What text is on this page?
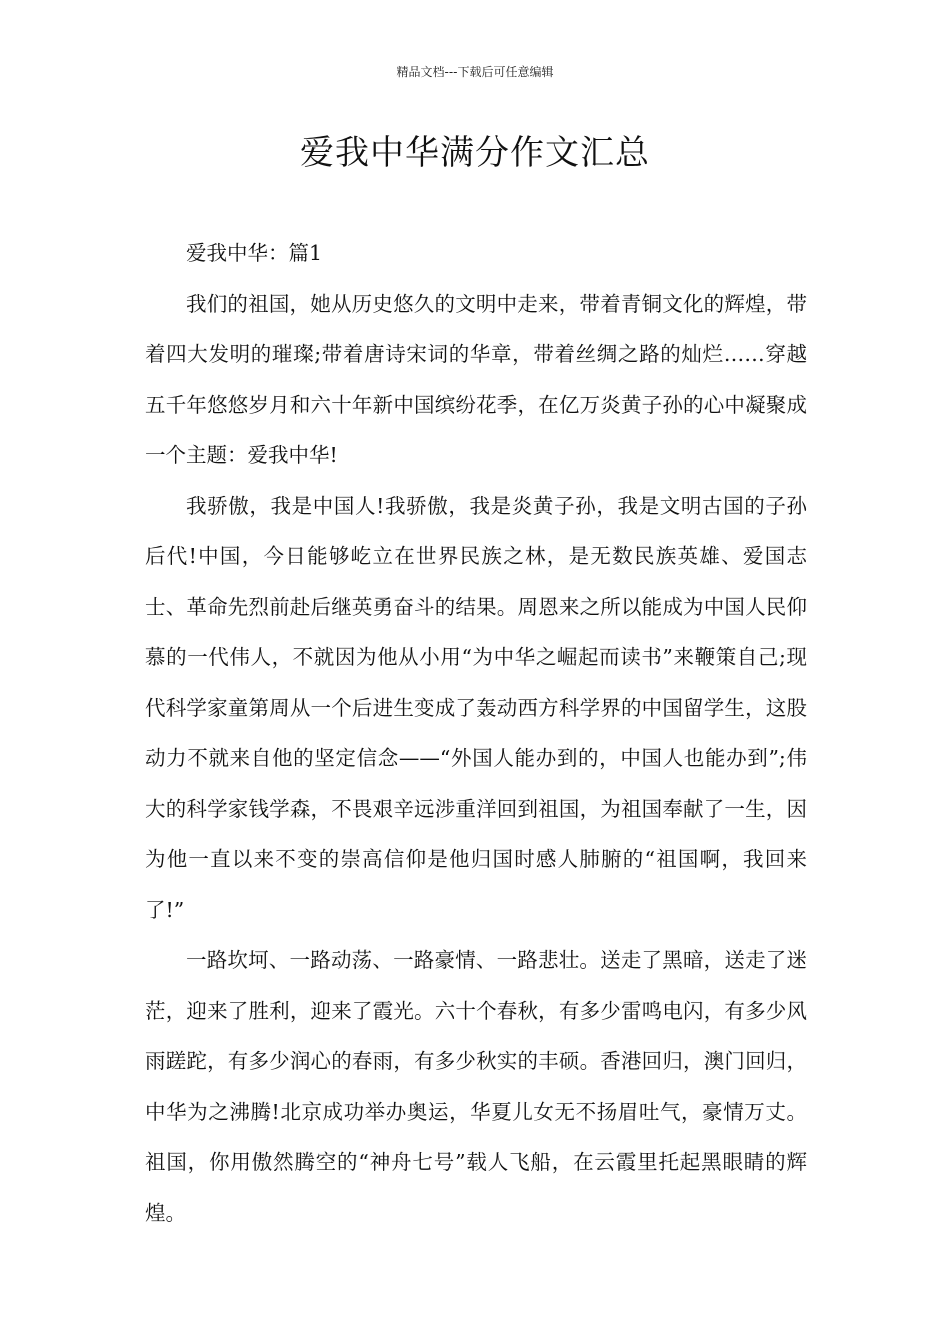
精品文档---下载后可任意编辑
爱我中华满分作文汇总

爱我中华：篇1

我们的祖国，她从历史悠久的文明中走来，带着青铜文化的辉煌，带着四大发明的璀璨;带着唐诗宋词的华章，带着丝绸之路的灿烂……穿越五千年悠悠岁月和六十年新中国缤纷花季，在亿万炎黄子孙的心中凝聚成一个主题：爱我中华!

我骄傲，我是中国人!我骄傲，我是炎黄子孙，我是文明古国的子孙后代!中国，今日能够屹立在世界民族之林，是无数民族英雄、爱国志士、革命先烈前赴后继英勇奋斗的结果。周恩来之所以能成为中国人民仰慕的一代伟人，不就因为他从小用“为中华之崛起而读书”来鞭策自己;现代科学家童第周从一个后进生变成了轰动西方科学界的中国留学生，这股动力不就来自他的坚定信念——“外国人能办到的，中国人也能办到”;伟大的科学家钱学森，不畏艰辛远涉重洋回到祖国，为祖国奉献了一生，因为他一直以来不变的崇高信仰是他归国时感人肺腑的“祖国啊，我回来了!”

一路坎坷、一路动荡、一路豪情、一路悲壮。送走了黑暗，送走了迷茫，迎来了胜利，迎来了霞光。六十个春秋，有多少雷鸣电闪，有多少风雨蹉跎，有多少润心的春雨，有多少秋实的丰硕。香港回归，澳门回归，中华为之沸腾!北京成功举办奥运，华夏儿女无不扬眉吐气，豪情万丈。祖国，你用傲然腾空的“神舟七号”载人飞船，在云霞里托起黑眼睛的辉煌。
